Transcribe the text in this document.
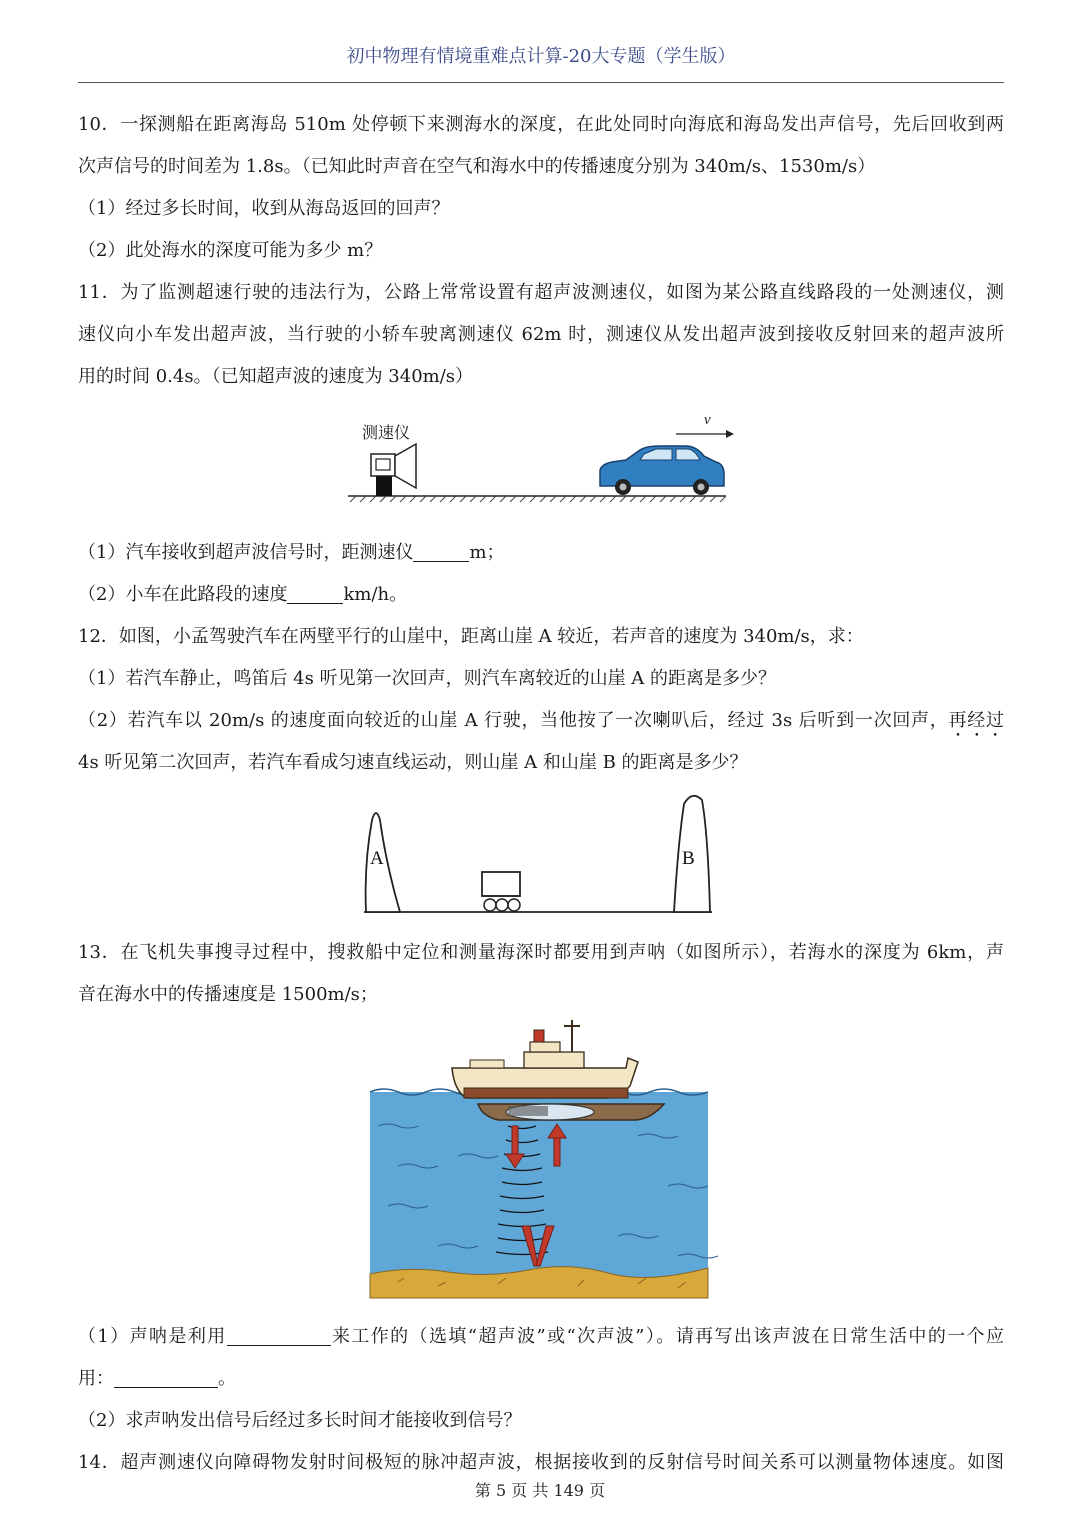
初中物理有情境重难点计算-20大专题（学生版）
10．一探测船在距离海岛 510m 处停顿下来测海水的深度，在此处同时向海底和海岛发出声信号，先后回收到两
次声信号的时间差为 1.8s。（已知此时声音在空气和海水中的传播速度分别为 340m/s、1530m/s）
（1）经过多长时间，收到从海岛返回的回声？
（2）此处海水的深度可能为多少 m？
11．为了监测超速行驶的违法行为，公路上常常设置有超声波测速仪，如图为某公路直线路段的一处测速仪，测
速仪向小车发出超声波，当行驶的小轿车驶离测速仪 62m 时，测速仪从发出超声波到接收反射回来的超声波所
用的时间 0.4s。（已知超声波的速度为 340m/s）
测速仪
v
（1）汽车接收到超声波信号时，距测速仪	m；
（2）小车在此路段的速度	km/h。
12．如图，小孟驾驶汽车在两壁平行的山崖中，距离山崖 A 较近，若声音的速度为 340m/s，求：
（1）若汽车静止，鸣笛后 4s 听见第一次回声，则汽车离较近的山崖 A 的距离是多少？
（2）若汽车以 20m/s 的速度面向较近的山崖 A 行驶，当他按了一次喇叭后，经过 3s 后听到一次回声，再经过
4s 听见第二次回声，若汽车看成匀速直线运动，则山崖 A 和山崖 B 的距离是多少？
A	B
13．在飞机失事搜寻过程中，搜救船中定位和测量海深时都要用到声呐（如图所示），若海水的深度为 6km，声
音在海水中的传播速度是 1500m/s；
（1）声呐是利用	来工作的（选填“超声波”或“次声波”）。请再写出该声波在日常生活中的一个应
用：	。
（2）求声呐发出信号后经过多长时间才能接收到信号？
14．超声测速仪向障碍物发射时间极短的脉冲超声波，根据接收到的反射信号时间关系可以测量物体速度。如图
第 5 页 共 149 页
